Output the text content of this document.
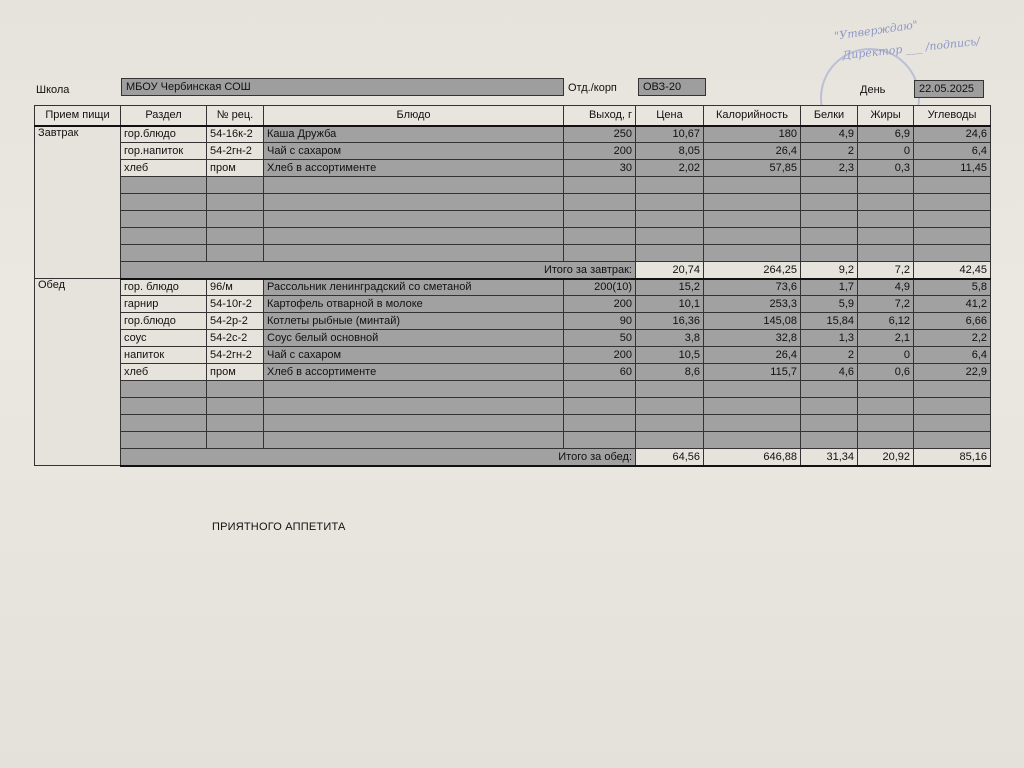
"Утверждаю"
Директор ___ /подпись/
Школа	МБОУ Чербинская СОШ	Отд./корп	ОВЗ-20	День	22.05.2025
Прием пищи	Раздел	№ рец.	Блюдо	Выход, г	Цена	Калорийность	Белки	Жиры	Углеводы
Завтрак	гор.блюдо	54-16к-2	Каша Дружба	250	10,67	180	4,9	6,9	24,6
	гор.напиток	54-2гн-2	Чай с сахаром	200	8,05	26,4	2	0	6,4
	хлеб	пром	Хлеб в ассортименте	30	2,02	57,85	2,3	0,3	11,45

	Итого за завтрак:				20,74	264,25	9,2	7,2	42,45
Обед	гор. блюдо	96/м	Рассольник ленинградский со сметаной	200(10)	15,2	73,6	1,7	4,9	5,8
	гарнир	54-10г-2	Картофель отварной в молоке	200	10,1	253,3	5,9	7,2	41,2
	гор.блюдо	54-2р-2	Котлеты рыбные (минтай)	90	16,36	145,08	15,84	6,12	6,66
	соус	54-2с-2	Соус белый основной	50	3,8	32,8	1,3	2,1	2,2
	напиток	54-2гн-2	Чай с сахаром	200	10,5	26,4	2	0	6,4
	хлеб	пром	Хлеб в ассортименте	60	8,6	115,7	4,6	0,6	22,9

	Итого за обед:				64,56	646,88	31,34	20,92	85,16
ПРИЯТНОГО АППЕТИТА
